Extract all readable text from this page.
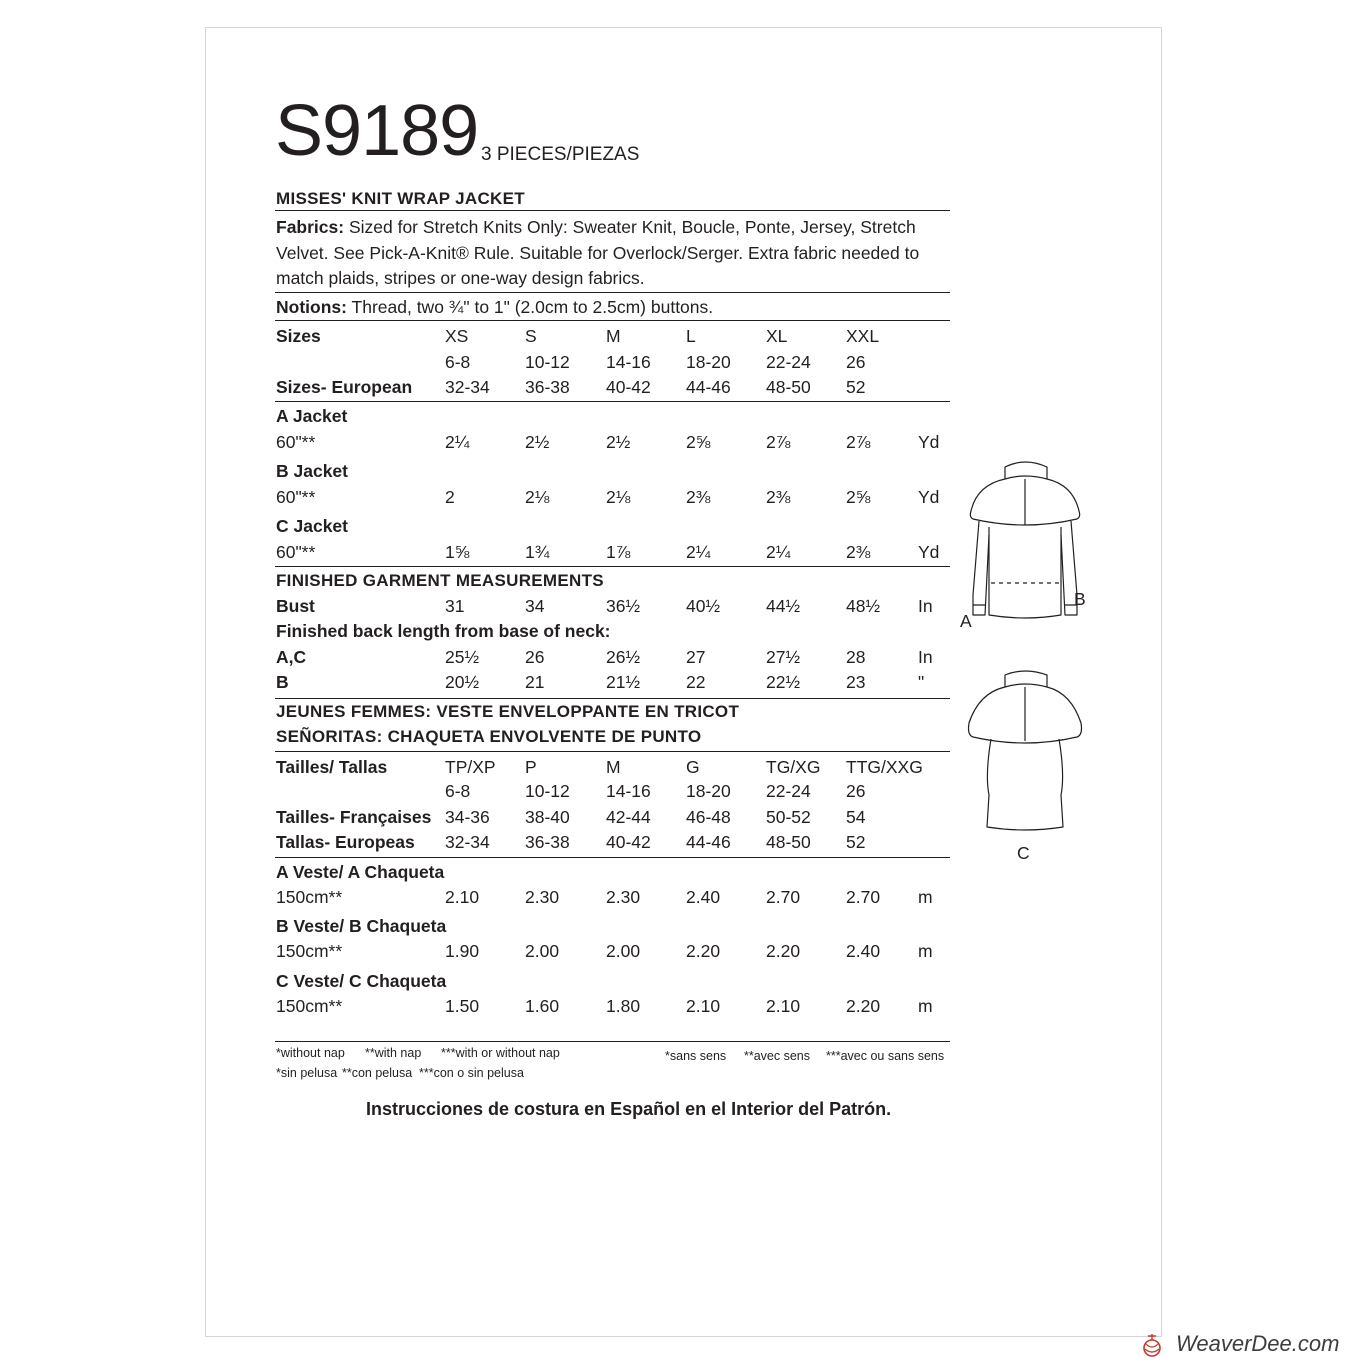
S9189 3 PIECES/PIEZAS
MISSES' KNIT WRAP JACKET
Fabrics: Sized for Stretch Knits Only: Sweater Knit, Boucle, Ponte, Jersey, Stretch Velvet. See Pick-A-Knit® Rule. Suitable for Overlock/Serger. Extra fabric needed to match plaids, stripes or one-way design fabrics.
Notions: Thread, two ¾" to 1" (2.0cm to 2.5cm) buttons.
Sizes	XS	S	M	L	XL	XXL
6-8	10-12 14-16 18-20 22-24 26
Sizes- European 32-34 36-38 40-42 44-46 48-50 52
A Jacket
60"**	2¼	2½	2½	2⅝	2⅞	2⅞	Yd
B Jacket
60"**	2	2⅛	2⅛	2⅜	2⅜	2⅝	Yd
C Jacket
60"**	1⅝	1¾	1⅞	2¼	2¼	2⅜	Yd
FINISHED GARMENT MEASUREMENTS
Bust	31	34	36½	40½	44½	48½ In
Finished back length from base of neck:
A,C	25½	26	26½	27	27½	28	In
B	20½	21	21½	22	22½	23	"
JEUNES FEMMES: VESTE ENVELOPPANTE EN TRICOT
SEÑORITAS: CHAQUETA ENVOLVENTE DE PUNTO
Tailles/ Tallas	TP/XP P	M	G	TG/XG TTG/XXG
6-8	10-12 14-16 18-20 22-24 26
Tailles- Françaises 34-36 38-40 42-44 46-48 50-52 54
Tallas- Europeas 32-34 36-38 40-42 44-46 48-50 52
A Veste/ A Chaqueta
150cm**	2.10	2.30	2.30	2.40	2.70	2.70 m
B Veste/ B Chaqueta
150cm**	1.90	2.00	2.00	2.20	2.20	2.40 m
C Veste/ C Chaqueta
150cm**	1.50	1.60	1.80	2.10	2.10	2.20 m
*without nap **with nap ***with or without nap
*sin pelusa **con pelusa ***con o sin pelusa
*sans sens **avec sens ***avec ou sans sens
Instrucciones de costura en Español en el Interior del Patrón.
A
B
C
WeaverDee.com
